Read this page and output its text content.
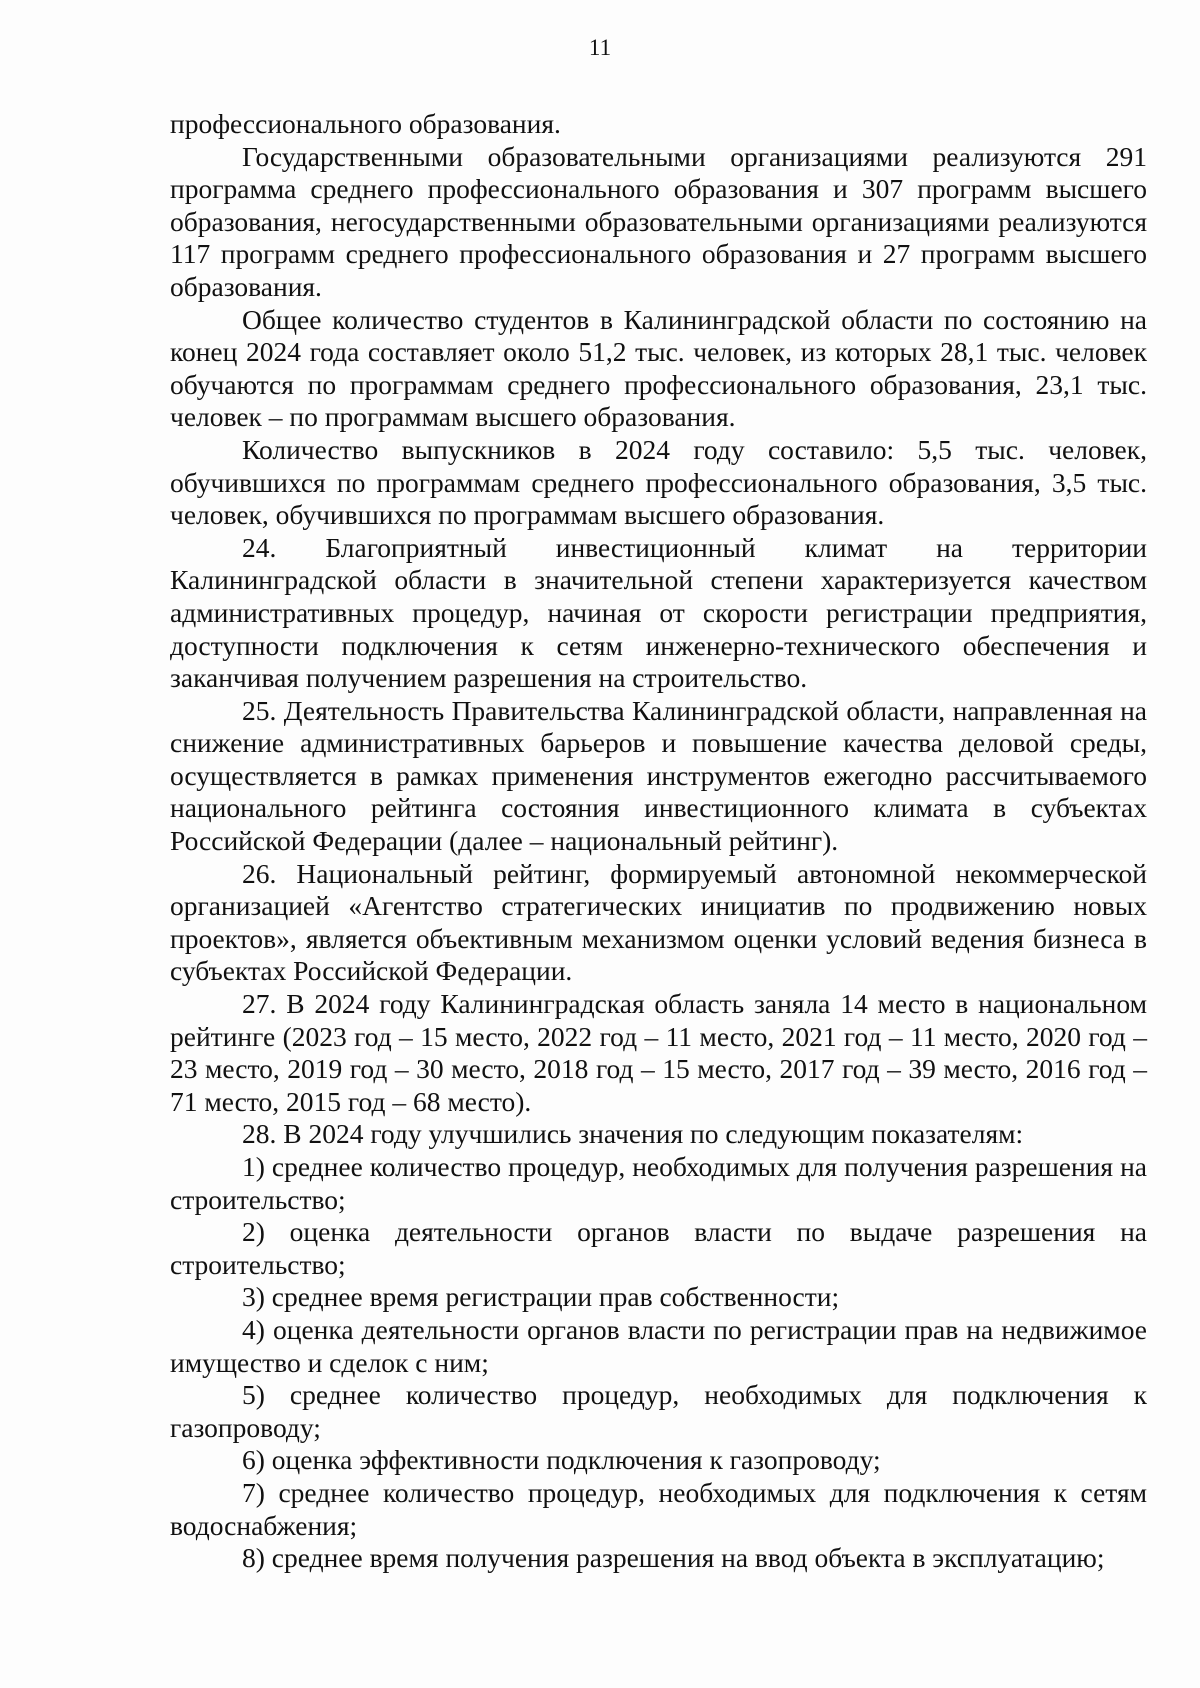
11

профессионального образования.

Государственными образовательными организациями реализуются 291 программа среднего профессионального образования и 307 программ высшего образования, негосударственными образовательными организациями реализуются 117 программ среднего профессионального образования и 27 программ высшего образования.

Общее количество студентов в Калининградской области по состоянию на конец 2024 года составляет около 51,2 тыс. человек, из которых 28,1 тыс. человек обучаются по программам среднего профессионального образования, 23,1 тыс. человек – по программам высшего образования.

Количество выпускников в 2024 году составило: 5,5 тыс. человек, обучившихся по программам среднего профессионального образования, 3,5 тыс. человек, обучившихся по программам высшего образования.

24. Благоприятный инвестиционный климат на территории Калининградской области в значительной степени характеризуется качеством административных процедур, начиная от скорости регистрации предприятия, доступности подключения к сетям инженерно-технического обеспечения и заканчивая получением разрешения на строительство.

25. Деятельность Правительства Калининградской области, направленная на снижение административных барьеров и повышение качества деловой среды, осуществляется в рамках применения инструментов ежегодно рассчитываемого национального рейтинга состояния инвестиционного климата в субъектах Российской Федерации (далее – национальный рейтинг).

26. Национальный рейтинг, формируемый автономной некоммерческой организацией «Агентство стратегических инициатив по продвижению новых проектов», является объективным механизмом оценки условий ведения бизнеса в субъектах Российской Федерации.

27. В 2024 году Калининградская область заняла 14 место в национальном рейтинге (2023 год – 15 место, 2022 год – 11 место, 2021 год – 11 место, 2020 год – 23 место, 2019 год – 30 место, 2018 год – 15 место, 2017 год – 39 место, 2016 год – 71 место, 2015 год – 68 место).

28. В 2024 году улучшились значения по следующим показателям:

1) среднее количество процедур, необходимых для получения разрешения на строительство;

2) оценка деятельности органов власти по выдаче разрешения на строительство;

3) среднее время регистрации прав собственности;

4) оценка деятельности органов власти по регистрации прав на недвижимое имущество и сделок с ним;

5) среднее количество процедур, необходимых для подключения к газопроводу;

6) оценка эффективности подключения к газопроводу;

7) среднее количество процедур, необходимых для подключения к сетям водоснабжения;

8) среднее время получения разрешения на ввод объекта в эксплуатацию;
